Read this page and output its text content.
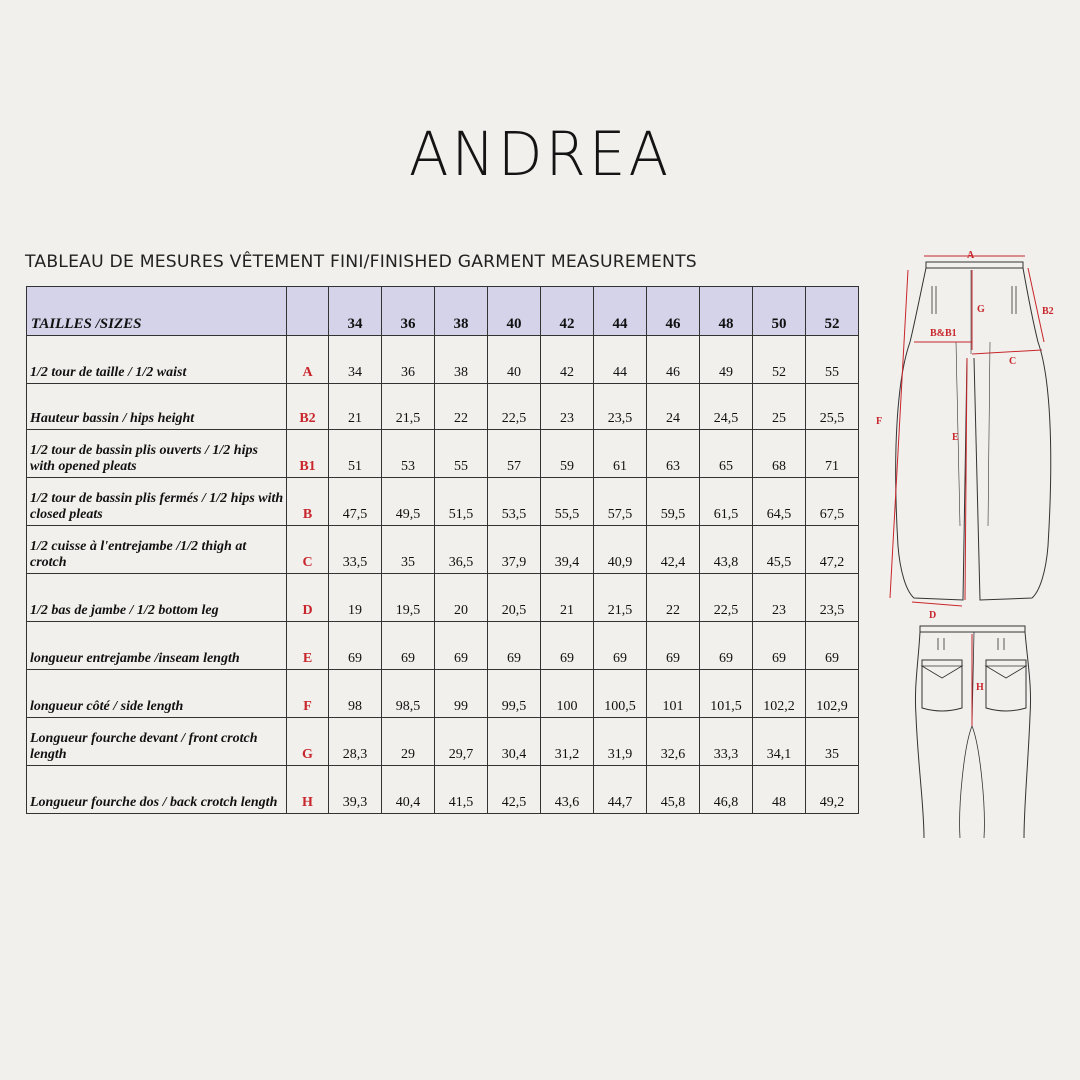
ANDREA
TABLEAU DE MESURES VÊTEMENT FINI/FINISHED GARMENT MEASUREMENTS
TAILLES /SIZES		34	36	38	40	42	44	46	48	50	52
1/2 tour de taille / 1/2 waist	A	34	36	38	40	42	44	46	49	52	55
Hauteur bassin / hips height	B2	21	21,5	22	22,5	23	23,5	24	24,5	25	25,5
1/2 tour de bassin plis ouverts / 1/2 hips with opened pleats	B1	51	53	55	57	59	61	63	65	68	71
1/2 tour de bassin plis fermés / 1/2 hips with closed pleats	B	47,5	49,5	51,5	53,5	55,5	57,5	59,5	61,5	64,5	67,5
1/2 cuisse à l'entrejambe /1/2 thigh at crotch	C	33,5	35	36,5	37,9	39,4	40,9	42,4	43,8	45,5	47,2
1/2 bas de jambe / 1/2 bottom leg	D	19	19,5	20	20,5	21	21,5	22	22,5	23	23,5
longueur entrejambe /inseam length	E	69	69	69	69	69	69	69	69	69	69
longueur côté / side length	F	98	98,5	99	99,5	100	100,5	101	101,5	102,2	102,9
Longueur fourche devant / front crotch length	G	28,3	29	29,7	30,4	31,2	31,9	32,6	33,3	34,1	35
Longueur fourche dos / back crotch length	H	39,3	40,4	41,5	42,5	43,6	44,7	45,8	46,8	48	49,2
A
B2
B&B1
C
F
G
E
D
H
